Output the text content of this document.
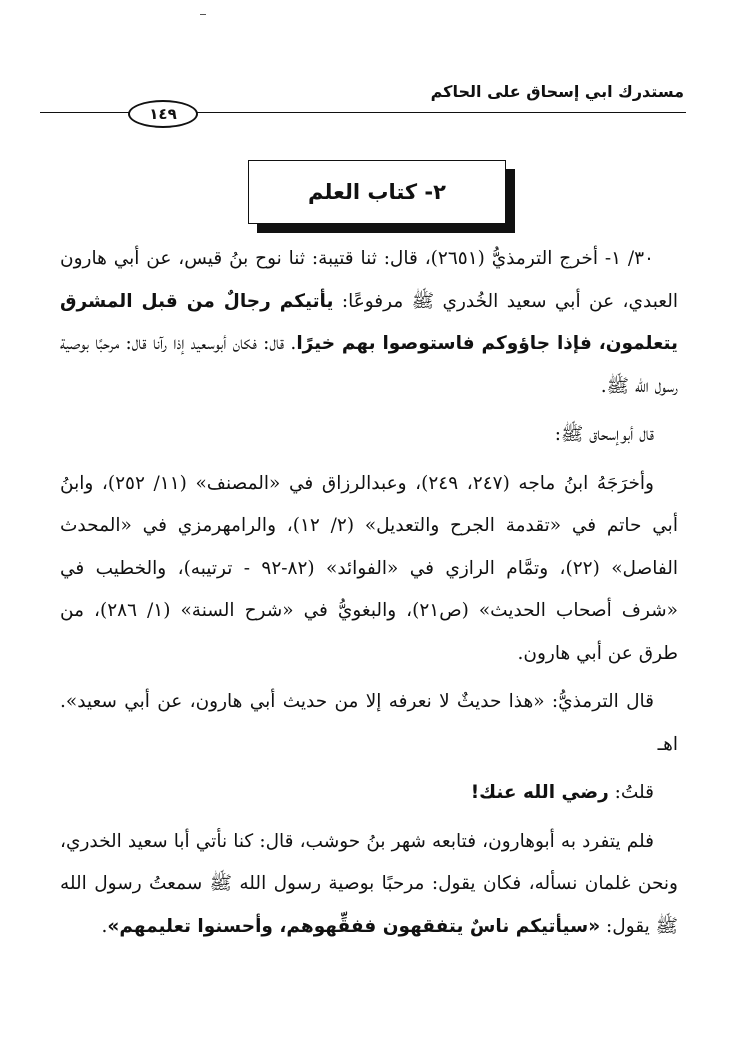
مستدرك ابي إسحاق على الحاكم
١٤٩
٢- كتاب العلم

٣٠/ ١- أخرج الترمذيُّ (٢٦٥١)، قال: ثنا قتيبة: ثنا نوح بنُ قيس، عن أبي هارون العبدي، عن أبي سعيد الخُدري ﷺ مرفوعًا: يأتيكم رجالٌ من قبل المشرق يتعلمون، فإذا جاؤوكم فاستوصوا بهم خيرًا. قال: فكان أبوسعيد إذا رآنا قال: مرحبًا بوصية رسول الله ﷺ.

قال أبوإسحاق ﷺ:

وأخرَجَهُ ابنُ ماجه (٢٤٧، ٢٤٩)، وعبدالرزاق في «المصنف» (١١/ ٢٥٢)، وابنُ أبي حاتم في «تقدمة الجرح والتعديل» (٢/ ١٢)، والرامهرمزي في «المحدث الفاصل» (٢٢)، وتمَّام الرازي في «الفوائد» (٨٢-٩٢ - ترتيبه)، والخطيب في «شرف أصحاب الحديث» (ص٢١)، والبغويُّ في «شرح السنة» (١/ ٢٨٦)، من طرق عن أبي هارون.

قال الترمذيُّ: «هذا حديثٌ لا نعرفه إلا من حديث أبي هارون، عن أبي سعيد». اهـ

قلتُ: رضي الله عنك!

فلم يتفرد به أبوهارون، فتابعه شهر بنُ حوشب، قال: كنا نأتي أبا سعيد الخدري، ونحن غلمان نسأله، فكان يقول: مرحبًا بوصية رسول الله ﷺ سمعتُ رسول الله ﷺ يقول: «سيأتيكم ناسٌ يتفقهون ففقِّهوهم، وأحسنوا تعليمهم».
